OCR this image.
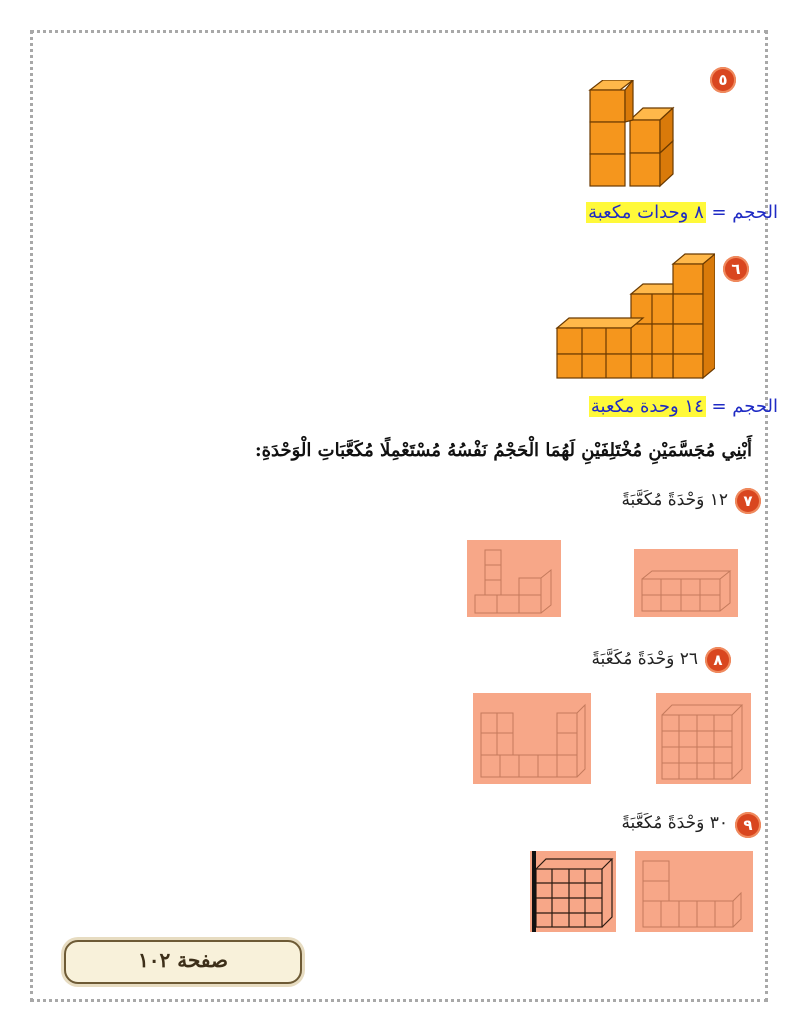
٥
الحجم = ٨ وحدات مكعبة
٦
الحجم = ١٤ وحدة مكعبة
أَبْنِي مُجَسَّمَيْنِ مُخْتَلِفَيْنِ لَهُمَا الْحَجْمُ نَفْسُهُ مُسْتَعْمِلًا مُكَعَّبَاتِ الْوَحْدَةِ:
٧
١٢ وَحْدَةً مُكَعَّبَةً
٨
٢٦ وَحْدَةً مُكَعَّبَةً
٩
٣٠ وَحْدَةً مُكَعَّبَةً
صفحة ١٠٢
